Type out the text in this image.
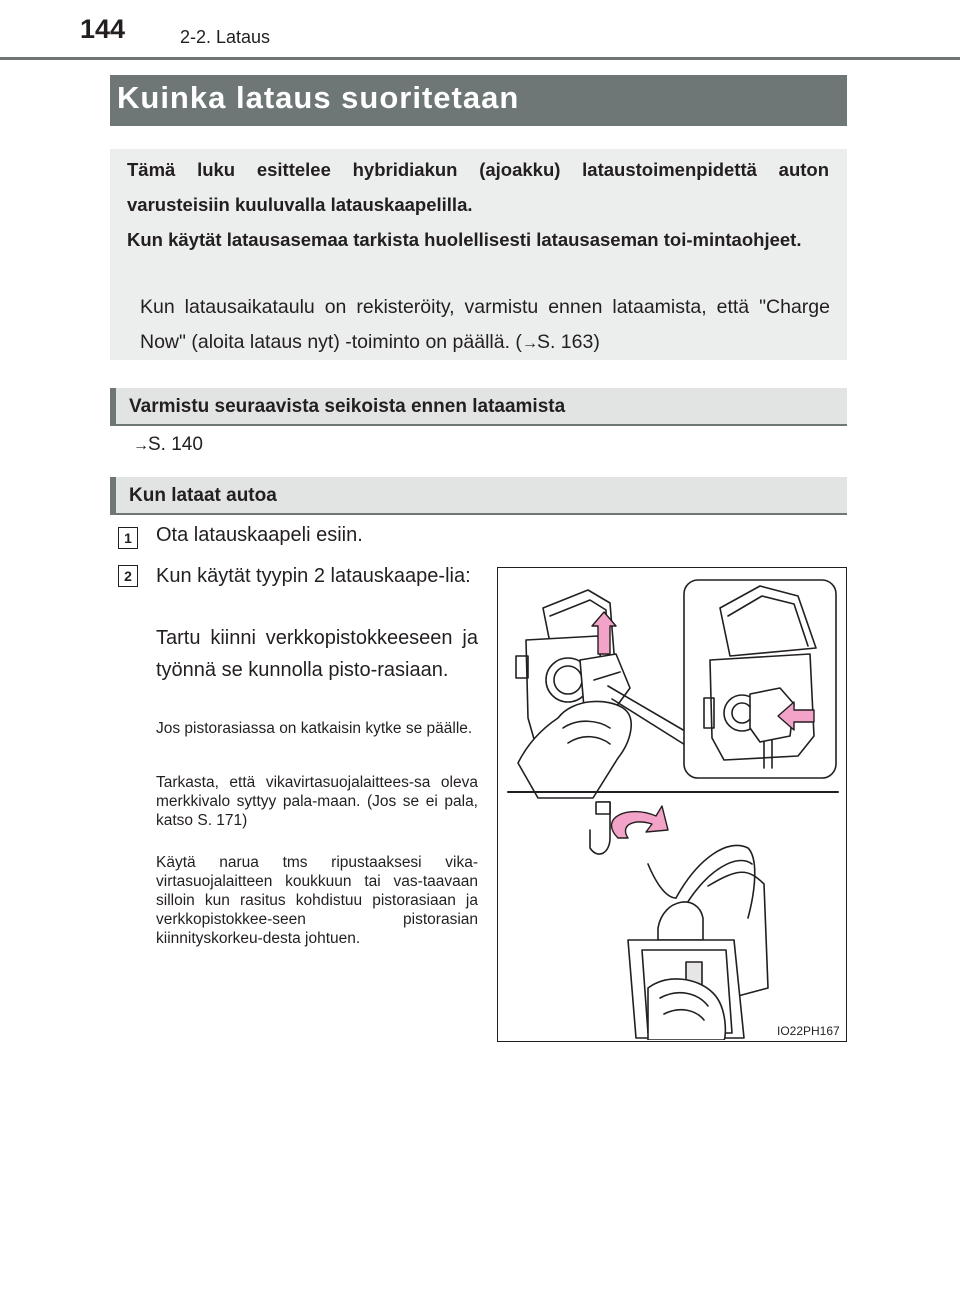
144	2-2. Lataus
Kuinka lataus suoritetaan
Tämä luku esittelee hybridiakun (ajoakku) lataustoimenpidettä auton varusteisiin kuuluvalla latauskaapelilla.
Kun käytät latausasemaa tarkista huolellisesti latausaseman toi-mintaohjeet.
Kun latausaikataulu on rekisteröity, varmistu ennen lataamista, että "Charge Now" (aloita lataus nyt) -toiminto on päällä. (→S. 163)
Varmistu seuraavista seikoista ennen lataamista
→S. 140
Kun lataat autoa
1	Ota latauskaapeli esiin.
2	Kun käytät tyypin 2 latauskaape-lia:
Tartu kiinni verkkopistokkeeseen ja työnnä se kunnolla pisto-rasiaan.
Jos pistorasiassa on katkaisin kytke se päälle.
Tarkasta, että vikavirtasuojalaittees-sa oleva merkkivalo syttyy pala-maan. (Jos se ei pala, katso S. 171)
Käytä narua tms ripustaaksesi vika-virtasuojalaitteen koukkuun tai vas-taavaan silloin kun rasitus kohdistuu pistorasiaan ja verkkopistokkee-seen pistorasian kiinnityskorkeu-desta johtuen.
IO22PH167
